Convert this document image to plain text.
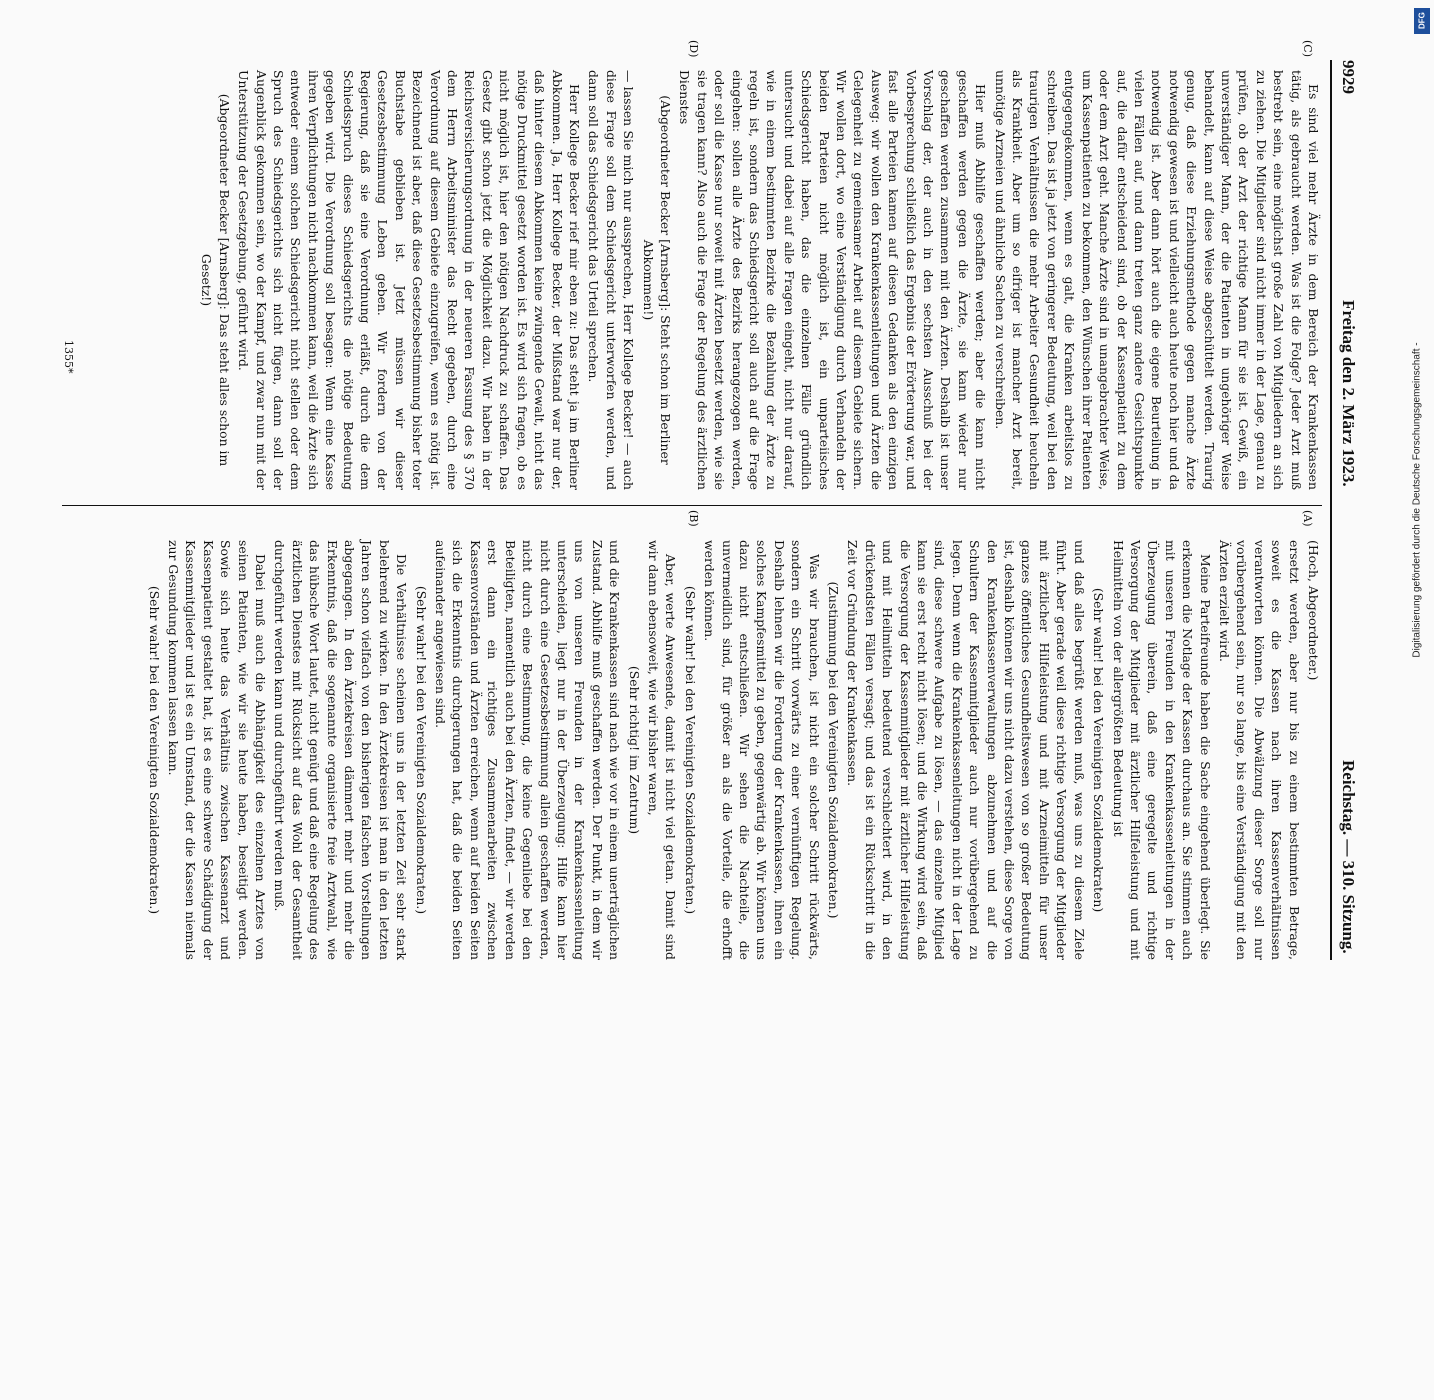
DFG
Digitalisierung gefördert durch die Deutsche Forschungsgemeinschaft -
9929
Freitag den 2. März 1923.
Reichstag. — 310. Sitzung.
(C)
(D)
(A)
(B)

Es sind viel mehr Ärzte in dem Bereich der Krankenkassen tätig, als gebraucht werden. Was ist die Folge? Jeder Arzt muß bestrebt sein, eine möglichst große Zahl von Mitgliedern an sich zu ziehen. Die Mitglieder sind nicht immer in der Lage, genau zu prüfen, ob der Arzt der richtige Mann für sie ist. Gewiß, ein unverständiger Mann, der die Patienten in ungehöriger Weise behandelt, kann auf diese Weise abgeschüttelt werden. Traurig genug, daß diese Erziehungsmethode gegen manche Ärzte notwendig gewesen ist und vielleicht auch heute noch hier und da notwendig ist. Aber dann hört auch die eigene Beurteilung in vielen Fällen auf, und dann treten ganz andere Gesichtspunkte auf, die dafür entscheidend sind, ob der Kassenpatient zu dem oder dem Arzt geht. Manche Ärzte sind in unangebrachter Weise, um Kassenpatienten zu bekommen, den Wünschen ihrer Patienten entgegengekommen, wenn es galt, die Kranken arbeitslos zu schreiben. Das ist ja jetzt von geringerer Bedeutung, weil bei den traurigen Verhältnissen die mehr Arbeiter Gesundheit heucheln als Krankheit. Aber um so eifriger ist mancher Arzt bereit, unnötige Arzneien und ähnliche Sachen zu verschreiben.

Hier muß Abhilfe geschaffen werden; aber die kann nicht geschaffen werden gegen die Ärzte, sie kann wieder nur geschaffen werden zusammen mit den Ärzten. Deshalb ist unser Vorschlag der, der auch in den sechsten Ausschuß bei der Vorbesprechung schließlich das Ergebnis der Erörterung war, und fast alle Parteien kamen auf diesen Gedanken als den einzigen Ausweg: wir wollen den Krankenkassenleitungen und Ärzten die Gelegenheit zu gemeinsamer Arbeit auf diesem Gebiete sichern. Wir wollen dort, wo eine Verständigung durch Verhandeln der beiden Parteien nicht möglich ist, ein unparteiisches Schiedsgericht haben, das die einzelnen Fälle gründlich untersucht und dabei auf alle Fragen eingeht, nicht nur darauf, wie in einem bestimmten Bezirke die Bezahlung der Ärzte zu regeln ist, sondern das Schiedsgericht soll auch auf die Frage eingehen: sollen alle Ärzte des Bezirks herangezogen werden, oder soll die Kasse nur soweit mit Ärzten besetzt werden, wie sie sie tragen kann? Also auch die Frage der Regelung des ärztlichen Dienstes

(Abgeordneter Becker [Arnsberg]: Steht schon im Berliner Abkommen!)

— lassen Sie mich nur aussprechen, Herr Kollege Becker! — auch diese Frage soll dem Schiedsgericht unterworfen werden, und dann soll das Schiedsgericht das Urteil sprechen.

Herr Kollege Becker rief mir eben zu: Das steht ja im Berliner Abkommen. Ja, Herr Kollege Becker, der Mißstand war nur der, daß hinter diesem Abkommen keine zwingende Gewalt, nicht das nötige Druckmittel gesetzt worden ist. Es wird sich fragen, ob es nicht möglich ist, hier den nötigen Nachdruck zu schaffen. Das Gesetz gibt schon jetzt die Möglichkeit dazu. Wir haben in der Reichsversicherungsordnung in der neueren Fassung des § 370 dem Herrn Arbeitsminister das Recht gegeben, durch eine Verordnung auf diesem Gebiete einzugreifen, wenn es nötig ist. Bezeichnend ist aber, daß diese Gesetzesbestimmung bisher toter Buchstabe geblieben ist. Jetzt müssen wir dieser Gesetzesbestimmung Leben geben. Wir fordern von der Regierung, daß sie eine Verordnung erläßt, durch die dem Schiedsspruch dieses Schiedsgerichts die nötige Bedeutung gegeben wird. Die Verordnung soll besagen: Wenn eine Kasse ihren Verpflichtungen nicht nachkommen kann, weil die Ärzte sich entweder einem solchen Schiedsgericht nicht stellen oder dem Spruch des Schiedsgerichts sich nicht fügen, dann soll der Augenblick gekommen sein, wo der Kampf, und zwar nun mit der Unterstützung der Gesetzgebung, geführt wird.

(Abgeordneter Becker [Arnsberg]: Das steht alles schon im Gesetz!)

(Hoch, Abgeordneter.)

ersetzt werden, aber nur bis zu einem bestimmten Betrage, soweit es die Kassen nach ihren Kassenverhältnissen verantworten können. Die Abwälzung dieser Sorge soll nur vorübergehend sein, nur so lange, bis eine Verständigung mit den Ärzten erzielt wird.

Meine Parteifreunde haben die Sache eingehend überlegt. Sie erkennen die Notlage der Kassen durchaus an. Sie stimmen auch mit unseren Freunden in den Krankenkassenleitungen in der Überzeugung überein, daß eine geregelte und richtige Versorgung der Mitglieder mit ärztlicher Hilfeleistung und mit Heilmitteln von der allergrößten Bedeutung ist

(Sehr wahr! bei den Vereinigten Sozialdemokraten)

und daß alles begrüßt werden muß, was uns zu diesem Ziele führt. Aber gerade weil diese richtige Versorgung der Mitglieder mit ärztlicher Hilfeleistung und mit Arzneimitteln für unser ganzes öffentliches Gesundheitswesen von so großer Bedeutung ist, deshalb können wir uns nicht dazu verstehen, diese Sorge von den Krankenkassenverwaltungen abzunehmen und auf die Schultern der Kassenmitglieder auch nur vorübergehend zu legen. Denn wenn die Krankenkassenleitungen nicht in der Lage sind, diese schwere Aufgabe zu lösen, — das einzelne Mitglied kann sie erst recht nicht lösen; und die Wirkung wird sein, daß die Versorgung der Kassenmitglieder mit ärztlicher Hilfeleistung und mit Heilmitteln bedeutend verschlechtert wird, in den drückendsten Fällen versagt; und das ist ein Rückschritt in die Zeit vor Gründung der Krankenkassen.

(Zustimmung bei den Vereinigten Sozialdemokraten.)

Was wir brauchen, ist nicht ein solcher Schritt rückwärts, sondern ein Schritt vorwärts zu einer vernünftigen Regelung. Deshalb lehnen wir die Forderung der Krankenkassen, ihnen ein solches Kampfesmittel zu geben, gegenwärtig ab. Wir können uns dazu nicht entschließen. Wir sehen die Nachteile, die unvermeidlich sind, für größer an als die Vorteile, die erhofft werden können.

(Sehr wahr! bei den Vereinigten Sozialdemokraten.)

Aber, werte Anwesende, damit ist nicht viel getan. Damit sind wir dann ebensoweit, wie wir bisher waren,

(Sehr richtig! im Zentrum)

und die Krankenkassen sind nach wie vor in einem unerträglichen Zustand. Abhilfe muß geschaffen werden. Der Punkt, in dem wir uns von unseren Freunden in der Krankenkassenleitung unterscheiden, liegt nur in der Überzeugung: Hilfe kann hier nicht durch eine Gesetzesbestimmung allein geschaffen werden, nicht durch eine Bestimmung, die keine Gegenliebe bei den Beteiligten, namentlich auch bei den Ärzten, findet, — wir werden erst dann ein richtiges Zusammenarbeiten zwischen Kassenvorständen und Ärzten erreichen, wenn auf beiden Seiten sich die Erkenntnis durchgerungen hat, daß die beiden Seiten aufeinander angewiesen sind.

(Sehr wahr! bei den Vereinigten Sozialdemokraten.)

Die Verhältnisse scheinen uns in der letzten Zeit sehr stark belehrend zu wirken. In den Ärztekreisen ist man in den letzten Jahren schon vielfach von den bisherigen falschen Vorstellungen abgegangen. In den Ärztekreisen dämmert mehr und mehr die Erkenntnis, daß die sogenannte organisierte freie Arztwahl, wie das hübsche Wort lautet, nicht genügt und daß eine Regelung des ärztlichen Dienstes mit Rücksicht auf das Wohl der Gesamtheit durchgeführt werden kann und durchgeführt werden muß.

Dabei muß auch die Abhängigkeit des einzelnen Arztes von seinen Patienten, wie wir sie heute haben, beseitigt werden. Sowie sich heute das Verhältnis zwischen Kassenarzt und Kassenpatient gestaltet hat, ist es eine schwere Schädigung der Kassenmitglieder und ist es ein Umstand, der die Kassen niemals zur Gesundung kommen lassen kann.

(Sehr wahr! bei den Vereinigten Sozialdemokraten.)

1355*
